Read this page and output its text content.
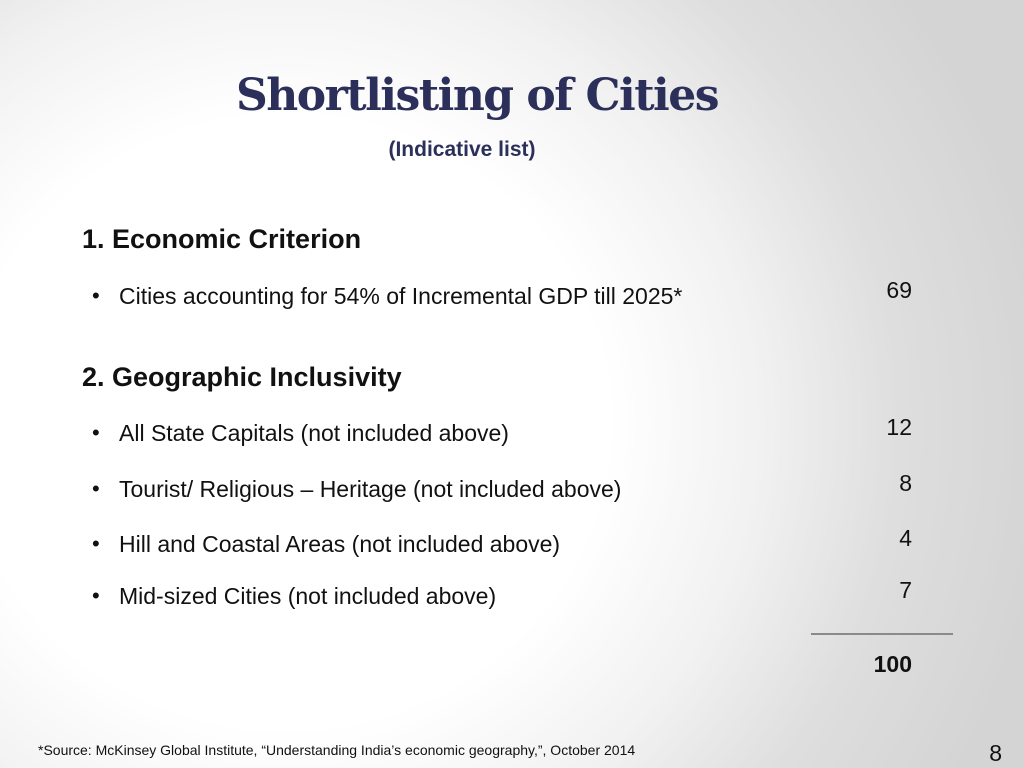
Shortlisting of Cities
(Indicative list)
1. Economic Criterion
• Cities accounting for 54% of Incremental GDP till 2025*	69
2. Geographic Inclusivity
• All State Capitals (not included above)	12
• Tourist/ Religious – Heritage (not included above)	8
• Hill and Coastal Areas (not included above)	4
• Mid-sized Cities (not included above)	7
100
*Source: McKinsey Global Institute, “Understanding India’s economic geography,”, October 2014	8
